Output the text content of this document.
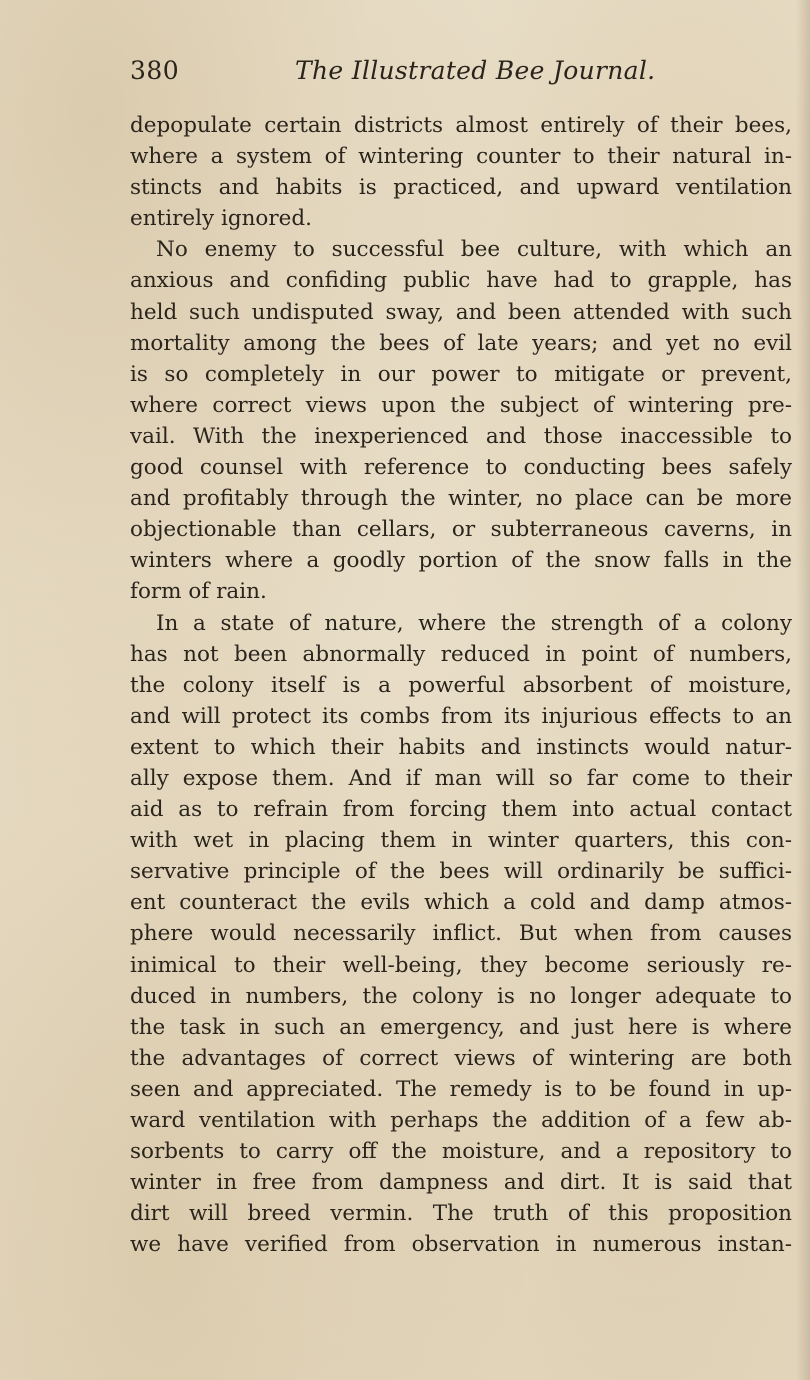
380	The Illustrated Bee Journal.
depopulate certain districts almost entirely of their bees,
where a system of wintering counter to their natural in-
stincts and habits is practiced, and upward ventilation
entirely ignored.
No enemy to successful bee culture, with which an
anxious and confiding public have had to grapple, has
held such undisputed sway, and been attended with such
mortality among the bees of late years; and yet no evil
is so completely in our power to mitigate or prevent,
where correct views upon the subject of wintering pre-
vail. With the inexperienced and those inaccessible to
good counsel with reference to conducting bees safely
and profitably through the winter, no place can be more
objectionable than cellars, or subterraneous caverns, in
winters where a goodly portion of the snow falls in the
form of rain.
In a state of nature, where the strength of a colony
has not been abnormally reduced in point of numbers,
the colony itself is a powerful absorbent of moisture,
and will protect its combs from its injurious effects to an
extent to which their habits and instincts would natur-
ally expose them. And if man will so far come to their
aid as to refrain from forcing them into actual contact
with wet in placing them in winter quarters, this con-
servative principle of the bees will ordinarily be suffici-
ent counteract the evils which a cold and damp atmos-
phere would necessarily inflict. But when from causes
inimical to their well-being, they become seriously re-
duced in numbers, the colony is no longer adequate to
the task in such an emergency, and just here is where
the advantages of correct views of wintering are both
seen and appreciated. The remedy is to be found in up-
ward ventilation with perhaps the addition of a few ab-
sorbents to carry off the moisture, and a repository to
winter in free from dampness and dirt. It is said that
dirt will breed vermin. The truth of this proposition
we have verified from observation in numerous instan-
